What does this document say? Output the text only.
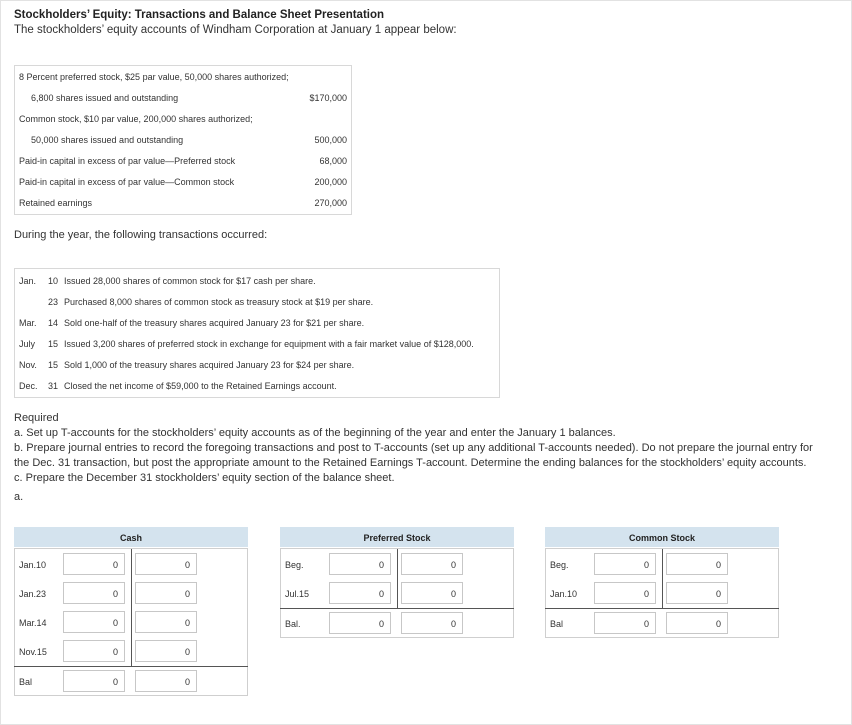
Stockholders’ Equity: Transactions and Balance Sheet Presentation
The stockholders’ equity accounts of Windham Corporation at January 1 appear below:
8 Percent preferred stock, $25 par value, 50,000 shares authorized;
6,800 shares issued and outstanding	$170,000
Common stock, $10 par value, 200,000 shares authorized;
50,000 shares issued and outstanding	500,000
Paid-in capital in excess of par value—Preferred stock	68,000
Paid-in capital in excess of par value—Common stock	200,000
Retained earnings	270,000
During the year, the following transactions occurred:
Jan. 10 Issued 28,000 shares of common stock for $17 cash per share.
23 Purchased 8,000 shares of common stock as treasury stock at $19 per share.
Mar. 14 Sold one-half of the treasury shares acquired January 23 for $21 per share.
July 15 Issued 3,200 shares of preferred stock in exchange for equipment with a fair market value of $128,000.
Nov. 15 Sold 1,000 of the treasury shares acquired January 23 for $24 per share.
Dec. 31 Closed the net income of $59,000 to the Retained Earnings account.
Required
a. Set up T-accounts for the stockholders’ equity accounts as of the beginning of the year and enter the January 1 balances.
b. Prepare journal entries to record the foregoing transactions and post to T-accounts (set up any additional T-accounts needed). Do not prepare the journal entry for
the Dec. 31 transaction, but post the appropriate amount to the Retained Earnings T-account. Determine the ending balances for the stockholders’ equity accounts.
c. Prepare the December 31 stockholders’ equity section of the balance sheet.
a.
Cash
Jan.10	0	0
Jan.23	0	0
Mar.14	0	0
Nov.15	0	0
Bal	0	0
Preferred Stock
Beg.	0	0
Jul.15	0	0
Bal.	0	0
Common Stock
Beg.	0	0
Jan.10	0	0
Bal	0	0
